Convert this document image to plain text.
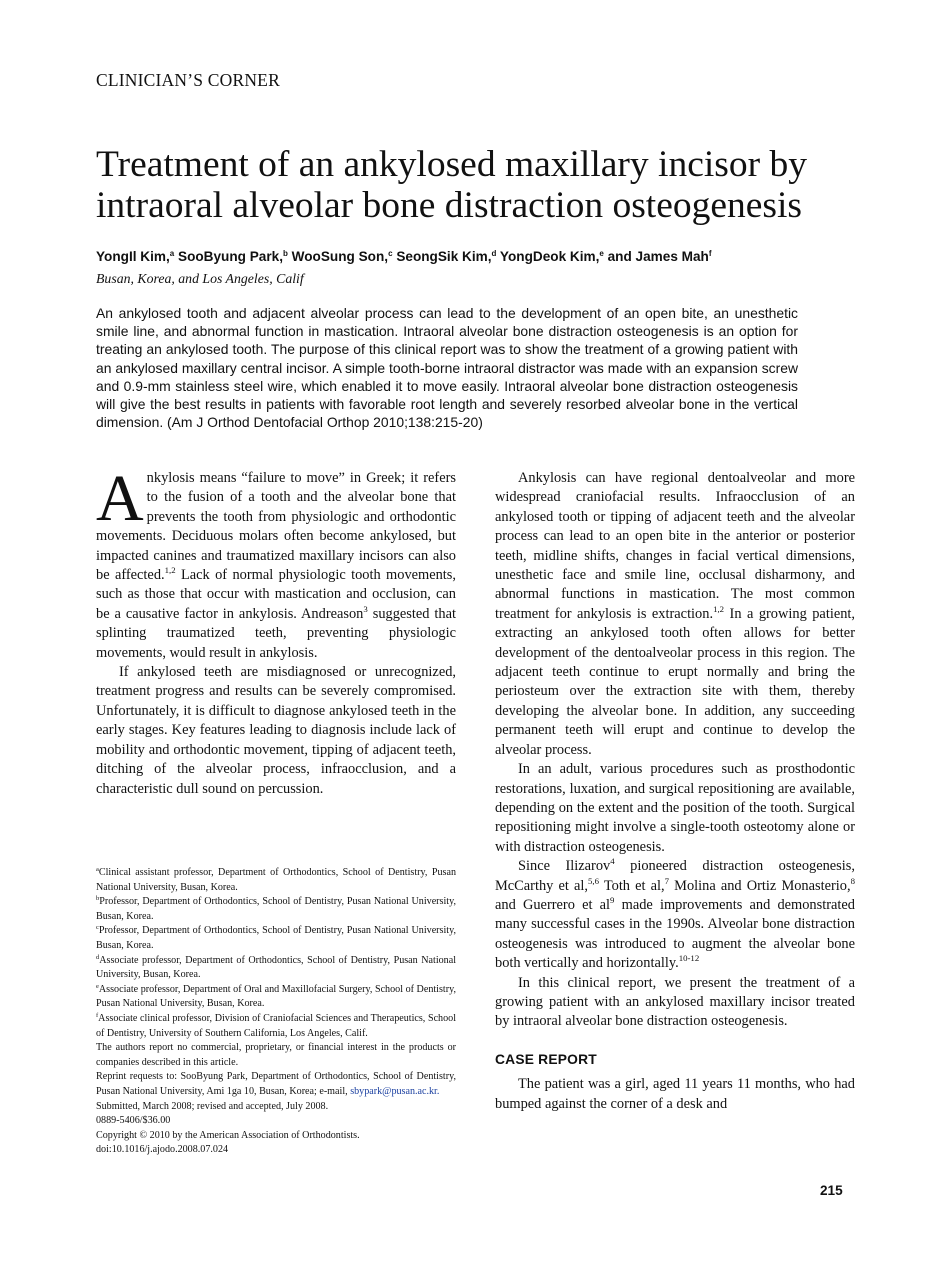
CLINICIAN’S CORNER
Treatment of an ankylosed maxillary incisor by intraoral alveolar bone distraction osteogenesis
YongIl Kim,$^a$ SooByung Park,$^b$ WooSung Son,$^c$ SeongSik Kim,$^d$ YongDeok Kim,$^e$ and James Mah$^f$
Busan, Korea, and Los Angeles, Calif
An ankylosed tooth and adjacent alveolar process can lead to the development of an open bite, an unesthetic smile line, and abnormal function in mastication. Intraoral alveolar bone distraction osteogenesis is an option for treating an ankylosed tooth. The purpose of this clinical report was to show the treatment of a growing patient with an ankylosed maxillary central incisor. A simple tooth-borne intraoral distractor was made with an expansion screw and 0.9-mm stainless steel wire, which enabled it to move easily. Intraoral alveolar bone distraction osteogenesis will give the best results in patients with favorable root length and severely resorbed alveolar bone in the vertical dimension. (Am J Orthod Dentofacial Orthop 2010;138:215-20)

Ankylosis means “failure to move” in Greek; it refers to the fusion of a tooth and the alveolar bone that prevents the tooth from physiologic and orthodontic movements. Deciduous molars often become ankylosed, but impacted canines and traumatized maxillary incisors can also be affected.$^{1,2}$ Lack of normal physiologic tooth movements, such as those that occur with mastication and occlusion, can be a causative factor in ankylosis. Andreason$^3$ suggested that splinting traumatized teeth, preventing physiologic movements, would result in ankylosis.

If ankylosed teeth are misdiagnosed or unrecognized, treatment progress and results can be severely compromised. Unfortunately, it is difficult to diagnose ankylosed teeth in the early stages. Key features leading to diagnosis include lack of mobility and orthodontic movement, tipping of adjacent teeth, ditching of the alveolar process, infraocclusion, and a characteristic dull sound on percussion.

$^a$Clinical assistant professor, Department of Orthodontics, School of Dentistry, Pusan National University, Busan, Korea.

$^b$Professor, Department of Orthodontics, School of Dentistry, Pusan National University, Busan, Korea.

$^c$Professor, Department of Orthodontics, School of Dentistry, Pusan National University, Busan, Korea.

$^d$Associate professor, Department of Orthodontics, School of Dentistry, Pusan National University, Busan, Korea.

$^e$Associate professor, Department of Oral and Maxillofacial Surgery, School of Dentistry, Pusan National University, Busan, Korea.

$^f$Associate clinical professor, Division of Craniofacial Sciences and Therapeutics, School of Dentistry, University of Southern California, Los Angeles, Calif.

The authors report no commercial, proprietary, or financial interest in the products or companies described in this article.

Reprint requests to: SooByung Park, Department of Orthodontics, School of Dentistry, Pusan National University, Ami 1ga 10, Busan, Korea; e-mail, sbypark@pusan.ac.kr.

Submitted, March 2008; revised and accepted, July 2008.

0889-5406/$36.00

Copyright © 2010 by the American Association of Orthodontists.

doi:10.1016/j.ajodo.2008.07.024

Ankylosis can have regional dentoalveolar and more widespread craniofacial results. Infraocclusion of an ankylosed tooth or tipping of adjacent teeth and the alveolar process can lead to an open bite in the anterior or posterior teeth, midline shifts, changes in facial vertical dimensions, unesthetic face and smile line, occlusal disharmony, and abnormal functions in mastication. The most common treatment for ankylosis is extraction.$^{1,2}$ In a growing patient, extracting an ankylosed tooth often allows for better development of the dentoalveolar process in this region. The adjacent teeth continue to erupt normally and bring the periosteum over the extraction site with them, thereby developing the alveolar bone. In addition, any succeeding permanent teeth will erupt and continue to develop the alveolar process.

In an adult, various procedures such as prosthodontic restorations, luxation, and surgical repositioning are available, depending on the extent and the position of the tooth. Surgical repositioning might involve a single-tooth osteotomy alone or with distraction osteogenesis.

Since Ilizarov$^4$ pioneered distraction osteogenesis, McCarthy et al,$^{5,6}$ Toth et al,$^7$ Molina and Ortiz Monasterio,$^8$ and Guerrero et al$^9$ made improvements and demonstrated many successful cases in the 1990s. Alveolar bone distraction osteogenesis was introduced to augment the alveolar bone both vertically and horizontally.$^{10-12}$

In this clinical report, we present the treatment of a growing patient with an ankylosed maxillary incisor treated by intraoral alveolar bone distraction osteogenesis.

CASE REPORT

The patient was a girl, aged 11 years 11 months, who had bumped against the corner of a desk and

215
